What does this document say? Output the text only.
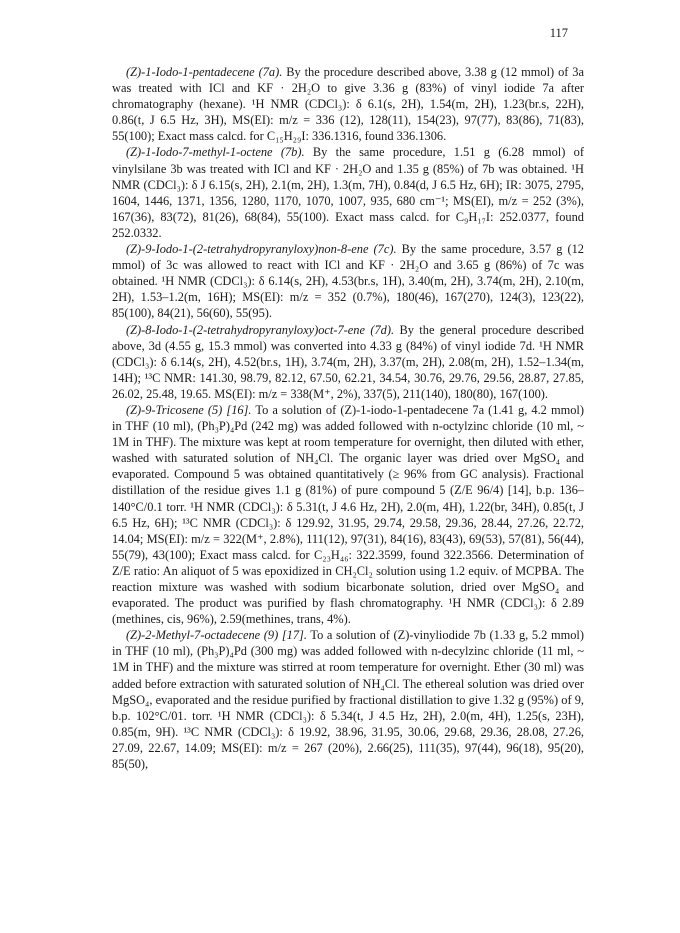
117

(Z)-1-Iodo-1-pentadecene (7a). By the procedure described above, 3.38 g (12 mmol) of 3a was treated with ICl and KF · 2H₂O to give 3.36 g (83%) of vinyl iodide 7a after chromatography (hexane). ¹H NMR (CDCl₃): δ 6.1(s, 2H), 1.54(m, 2H), 1.23(br.s, 22H), 0.86(t, J 6.5 Hz, 3H), MS(EI): m/z = 336 (12), 128(11), 154(23), 97(77), 83(86), 71(83), 55(100); Exact mass calcd. for C₁₅H₂₉I: 336.1316, found 336.1306.

(Z)-1-Iodo-7-methyl-1-octene (7b). By the same procedure, 1.51 g (6.28 mmol) of vinylsilane 3b was treated with ICl and KF · 2H₂O and 1.35 g (85%) of 7b was obtained. ¹H NMR (CDCl₃): δ J 6.15(s, 2H), 2.1(m, 2H), 1.3(m, 7H), 0.84(d, J 6.5 Hz, 6H); IR: 3075, 2795, 1604, 1446, 1371, 1356, 1280, 1170, 1070, 1007, 935, 680 cm⁻¹; MS(EI), m/z = 252 (3%), 167(36), 83(72), 81(26), 68(84), 55(100). Exact mass calcd. for C₉H₁₇I: 252.0377, found 252.0332.

(Z)-9-Iodo-1-(2-tetrahydropyranyloxy)non-8-ene (7c). By the same procedure, 3.57 g (12 mmol) of 3c was allowed to react with ICl and KF · 2H₂O and 3.65 g (86%) of 7c was obtained. ¹H NMR (CDCl₃): δ 6.14(s, 2H), 4.53(br.s, 1H), 3.40(m, 2H), 3.74(m, 2H), 2.10(m, 2H), 1.53–1.2(m, 16H); MS(EI): m/z = 352 (0.7%), 180(46), 167(270), 124(3), 123(22), 85(100), 84(21), 56(60), 55(95).

(Z)-8-Iodo-1-(2-tetrahydropyranyloxy)oct-7-ene (7d). By the general procedure described above, 3d (4.55 g, 15.3 mmol) was converted into 4.33 g (84%) of vinyl iodide 7d. ¹H NMR (CDCl₃): δ 6.14(s, 2H), 4.52(br.s, 1H), 3.74(m, 2H), 3.37(m, 2H), 2.08(m, 2H), 1.52–1.34(m, 14H); ¹³C NMR: 141.30, 98.79, 82.12, 67.50, 62.21, 34.54, 30.76, 29.76, 29.56, 28.87, 27.85, 26.02, 25.48, 19.65. MS(EI): m/z = 338(M⁺, 2%), 337(5), 211(140), 180(80), 167(100).

(Z)-9-Tricosene (5) [16]. To a solution of (Z)-1-iodo-1-pentadecene 7a (1.41 g, 4.2 mmol) in THF (10 ml), (Ph₃P)₄Pd (242 mg) was added followed with n-octylzinc chloride (10 ml, ~ 1M in THF). The mixture was kept at room temperature for overnight, then diluted with ether, washed with saturated solution of NH₄Cl. The organic layer was dried over MgSO₄ and evaporated. Compound 5 was obtained quantitatively (≥ 96% from GC analysis). Fractional distillation of the residue gives 1.1 g (81%) of pure compound 5 (Z/E 96/4) [14], b.p. 136–140°C/0.1 torr. ¹H NMR (CDCl₃): δ 5.31(t, J 4.6 Hz, 2H), 2.0(m, 4H), 1.22(br, 34H), 0.85(t, J 6.5 Hz, 6H); ¹³C NMR (CDCl₃): δ 129.92, 31.95, 29.74, 29.58, 29.36, 28.44, 27.26, 22.72, 14.04; MS(EI): m/z = 322(M⁺, 2.8%), 111(12), 97(31), 84(16), 83(43), 69(53), 57(81), 56(44), 55(79), 43(100); Exact mass calcd. for C₂₃H₄₆: 322.3599, found 322.3566. Determination of Z/E ratio: An aliquot of 5 was epoxidized in CH₂Cl₂ solution using 1.2 equiv. of MCPBA. The reaction mixture was washed with sodium bicarbonate solution, dried over MgSO₄ and evaporated. The product was purified by flash chromatography. ¹H NMR (CDCl₃): δ 2.89 (methines, cis, 96%), 2.59(methines, trans, 4%).

(Z)-2-Methyl-7-octadecene (9) [17]. To a solution of (Z)-vinyliodide 7b (1.33 g, 5.2 mmol) in THF (10 ml), (Ph₃P)₄Pd (300 mg) was added followed with n-decylzinc chloride (11 ml, ~ 1M in THF) and the mixture was stirred at room temperature for overnight. Ether (30 ml) was added before extraction with saturated solution of NH₄Cl. The ethereal solution was dried over MgSO₄, evaporated and the residue purified by fractional distillation to give 1.32 g (95%) of 9, b.p. 102°C/01. torr. ¹H NMR (CDCl₃): δ 5.34(t, J 4.5 Hz, 2H), 2.0(m, 4H), 1.25(s, 23H), 0.85(m, 9H). ¹³C NMR (CDCl₃): δ 19.92, 38.96, 31.95, 30.06, 29.68, 29.36, 28.08, 27.26, 27.09, 22.67, 14.09; MS(EI): m/z = 267 (20%), 2.66(25), 111(35), 97(44), 96(18), 95(20), 85(50),
